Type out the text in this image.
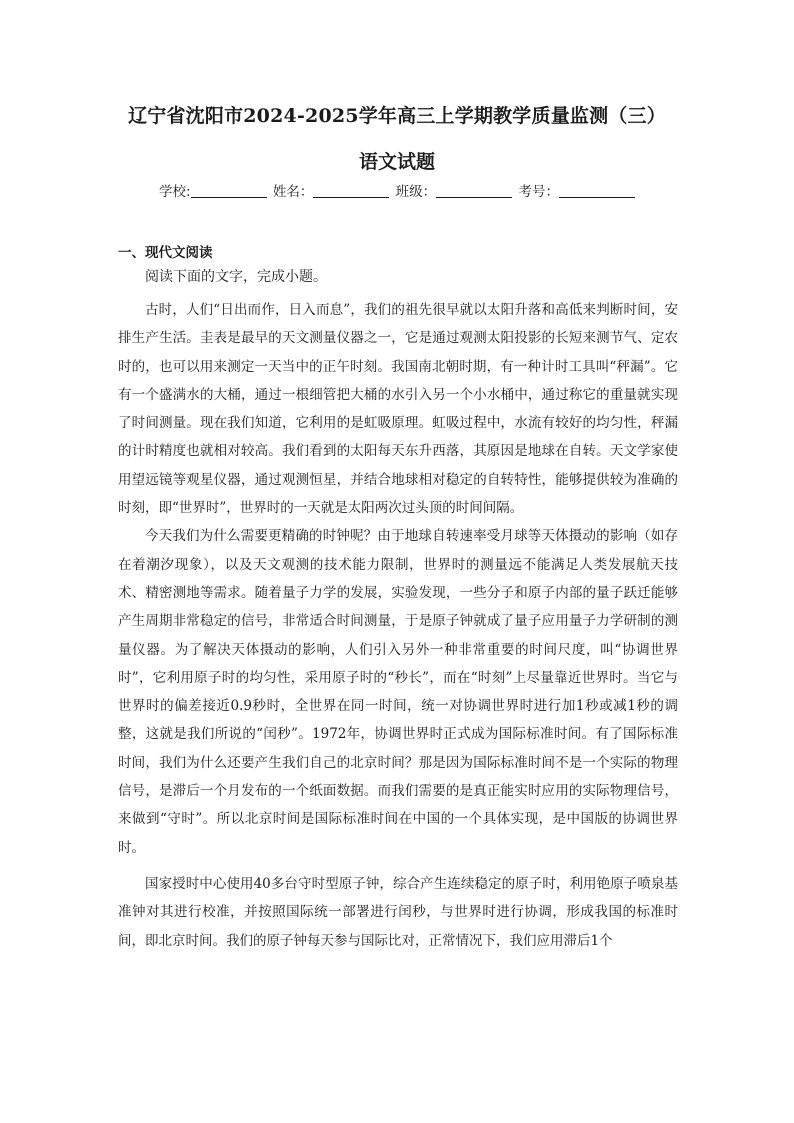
辽宁省沈阳市2024-2025学年高三上学期教学质量监测（三）
语文试题
学校:	姓名：	班级：	考号：
一、现代文阅读
阅读下面的文字，完成小题。

古时，人们“日出而作，日入而息”，我们的祖先很早就以太阳升落和高低来判断时间，安排生产生活。圭表是最早的天文测量仪器之一，它是通过观测太阳投影的长短来测节气、定农时的，也可以用来测定一天当中的正午时刻。我国南北朝时期，有一种计时工具叫“秤漏”。它有一个盛满水的大桶，通过一根细管把大桶的水引入另一个小水桶中，通过称它的重量就实现了时间测量。现在我们知道，它利用的是虹吸原理。虹吸过程中，水流有较好的均匀性，秤漏的计时精度也就相对较高。我们看到的太阳每天东升西落，其原因是地球在自转。天文学家使用望远镜等观星仪器，通过观测恒星，并结合地球相对稳定的自转特性，能够提供较为准确的时刻，即“世界时”，世界时的一天就是太阳两次过头顶的时间间隔。

今天我们为什么需要更精确的时钟呢？由于地球自转速率受月球等天体摄动的影响（如存在着潮汐现象），以及天文观测的技术能力限制，世界时的测量远不能满足人类发展航天技术、精密测地等需求。随着量子力学的发展，实验发现，一些分子和原子内部的量子跃迁能够产生周期非常稳定的信号，非常适合时间测量，于是原子钟就成了量子应用量子力学研制的测量仪器。为了解决天体摄动的影响，人们引入另外一种非常重要的时间尺度，叫“协调世界时”，它利用原子时的均匀性，采用原子时的“秒长”，而在“时刻”上尽量靠近世界时。当它与世界时的偏差接近0.9秒时，全世界在同一时间，统一对协调世界时进行加1秒或减1秒的调整，这就是我们所说的“闰秒”。1972年，协调世界时正式成为国际标准时间。有了国际标准时间，我们为什么还要产生我们自己的北京时间？那是因为国际标准时间不是一个实际的物理信号，是滞后一个月发布的一个纸面数据。而我们需要的是真正能实时应用的实际物理信号，来做到“守时”。所以北京时间是国际标准时间在中国的一个具体实现，是中国版的协调世界时。

国家授时中心使用40多台守时型原子钟，综合产生连续稳定的原子时，利用铯原子喷泉基准钟对其进行校准，并按照国际统一部署进行闰秒，与世界时进行协调，形成我国的标准时间，即北京时间。我们的原子钟每天参与国际比对，正常情况下，我们应用滞后1个
